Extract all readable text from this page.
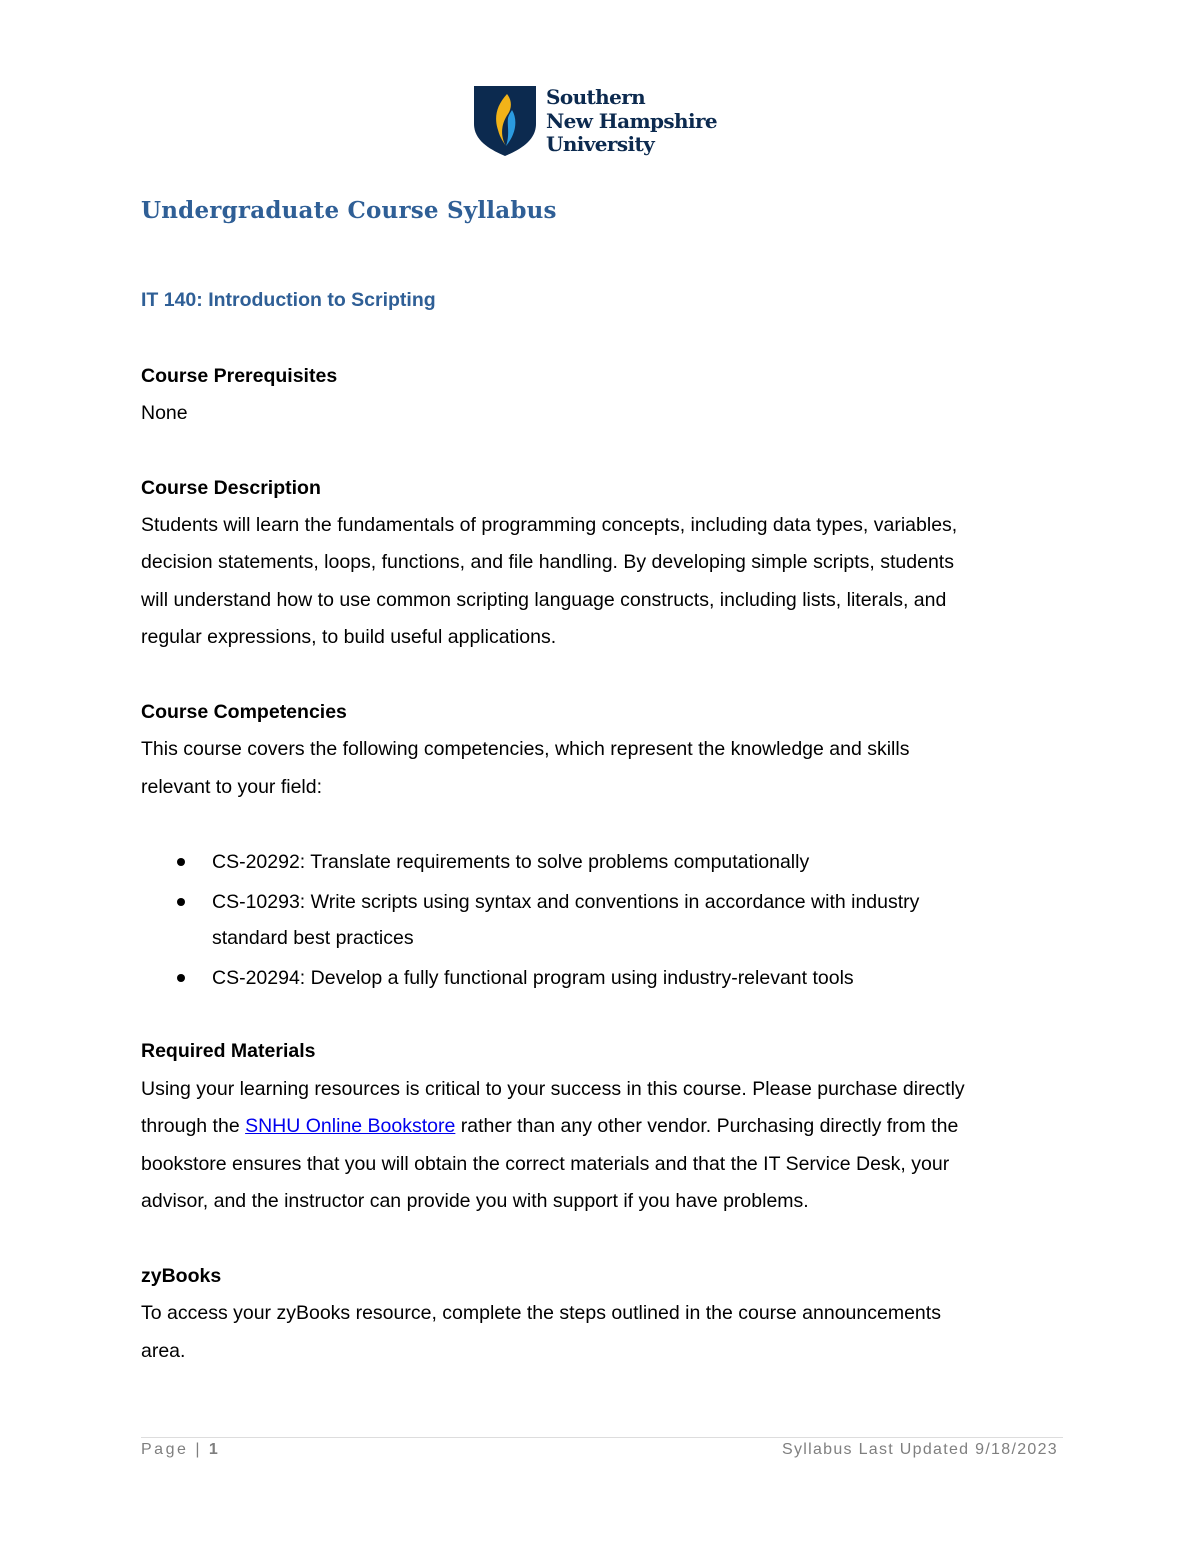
Southern
New Hampshire
University
Undergraduate Course Syllabus
IT 140: Introduction to Scripting
Course Prerequisites
None
Course Description
Students will learn the fundamentals of programming concepts, including data types, variables,
decision statements, loops, functions, and file handling. By developing simple scripts, students
will understand how to use common scripting language constructs, including lists, literals, and
regular expressions, to build useful applications.
Course Competencies
This course covers the following competencies, which represent the knowledge and skills
relevant to your field:
CS-20292: Translate requirements to solve problems computationally
CS-10293: Write scripts using syntax and conventions in accordance with industry
standard best practices
CS-20294: Develop a fully functional program using industry-relevant tools
Required Materials
Using your learning resources is critical to your success in this course. Please purchase directly
through the SNHU Online Bookstore rather than any other vendor. Purchasing directly from the
bookstore ensures that you will obtain the correct materials and that the IT Service Desk, your
advisor, and the instructor can provide you with support if you have problems.
zyBooks
To access your zyBooks resource, complete the steps outlined in the course announcements
area.
Page | 1	Syllabus Last Updated 9/18/2023
